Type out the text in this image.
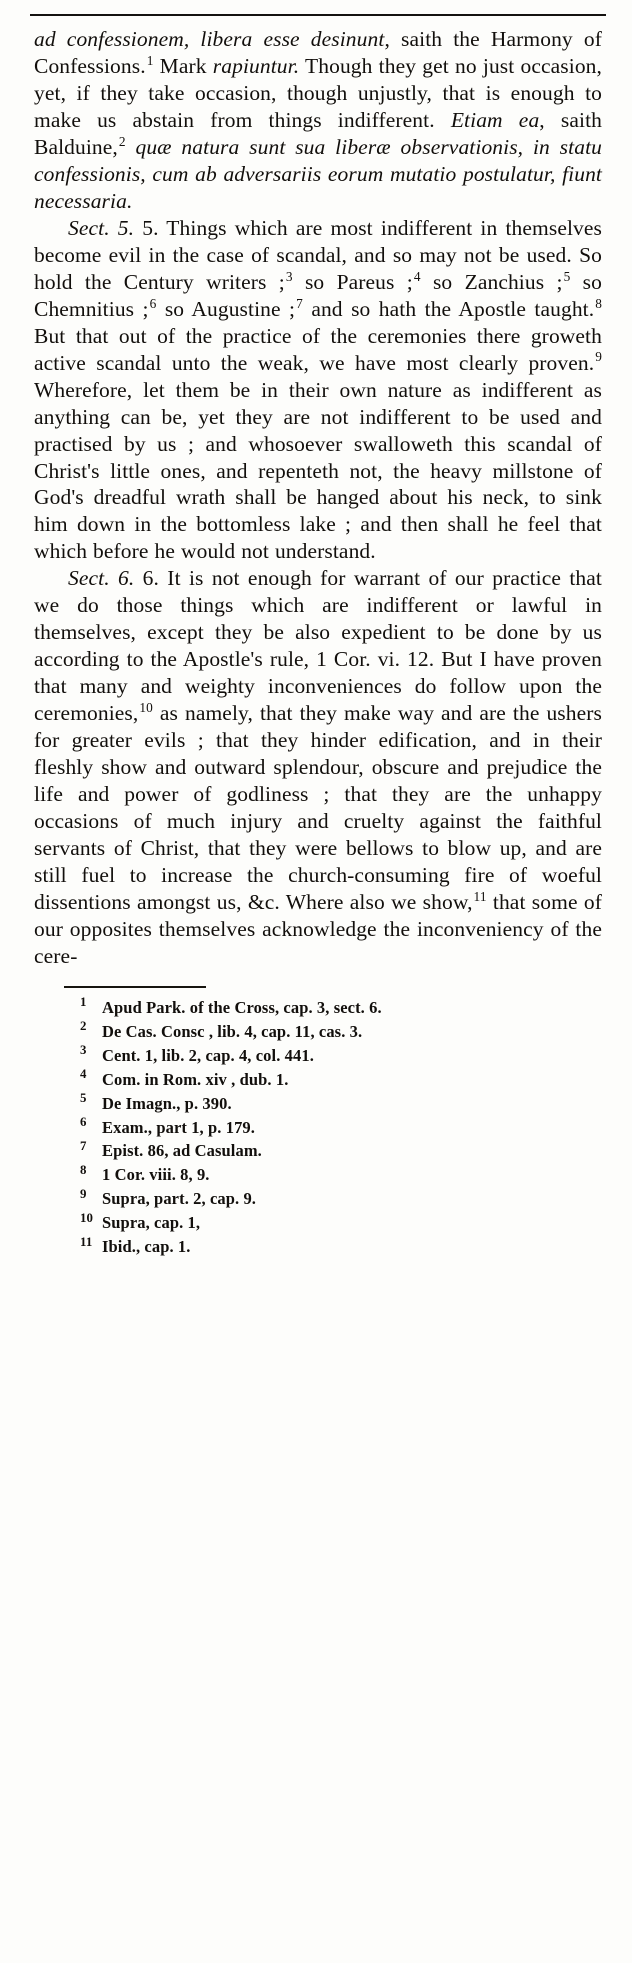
ad confessionem, libera esse desinunt, saith the Harmony of Confessions.$^1$ Mark rapiuntur. Though they get no just occasion, yet, if they take occasion, though unjustly, that is enough to make us abstain from things indifferent. Etiam ea, saith Balduine,$^2$ quæ natura sunt sua liberæ observationis, in statu confessionis, cum ab adversariis eorum mutatio postulatur, fiunt necessaria.

Sect. 5. 5. Things which are most indifferent in themselves become evil in the case of scandal, and so may not be used. So hold the Century writers ;$^3$ so Pareus ;$^4$ so Zanchius ;$^5$ so Chemnitius ;$^6$ so Augustine ;$^7$ and so hath the Apostle taught.$^8$ But that out of the practice of the ceremonies there groweth active scandal unto the weak, we have most clearly proven.$^9$ Wherefore, let them be in their own nature as indifferent as anything can be, yet they are not indifferent to be used and practised by us ; and whosoever swalloweth this scandal of Christ's little ones, and repenteth not, the heavy millstone of God's dreadful wrath shall be hanged about his neck, to sink him down in the bottomless lake ; and then shall he feel that which before he would not understand.

Sect. 6. 6. It is not enough for warrant of our practice that we do those things which are indifferent or lawful in themselves, except they be also expedient to be done by us according to the Apostle's rule, 1 Cor. vi. 12. But I have proven that many and weighty inconveniences do follow upon the ceremonies,$^{10}$ as namely, that they make way and are the ushers for greater evils ; that they hinder edification, and in their fleshly show and outward splendour, obscure and prejudice the life and power of godliness ; that they are the unhappy occasions of much injury and cruelty against the faithful servants of Christ, that they were bellows to blow up, and are still fuel to increase the church-consuming fire of woeful dissentions amongst us, &c. Where also we show,$^{11}$ that some of our opposites themselves acknowledge the inconveniency of the cere-

1 Apud Park. of the Cross, cap. 3, sect. 6.
2 De Cas. Consc , lib. 4, cap. 11, cas. 3.
3 Cent. 1, lib. 2, cap. 4, col. 441.
4 Com. in Rom. xiv , dub. 1.
5 De Imagn., p. 390.
6 Exam., part 1, p. 179.
7 Epist. 86, ad Casulam.
8 1 Cor. viii. 8, 9.
9 Supra, part. 2, cap. 9.
10 Supra, cap. 1,
11 Ibid., cap. 1.
